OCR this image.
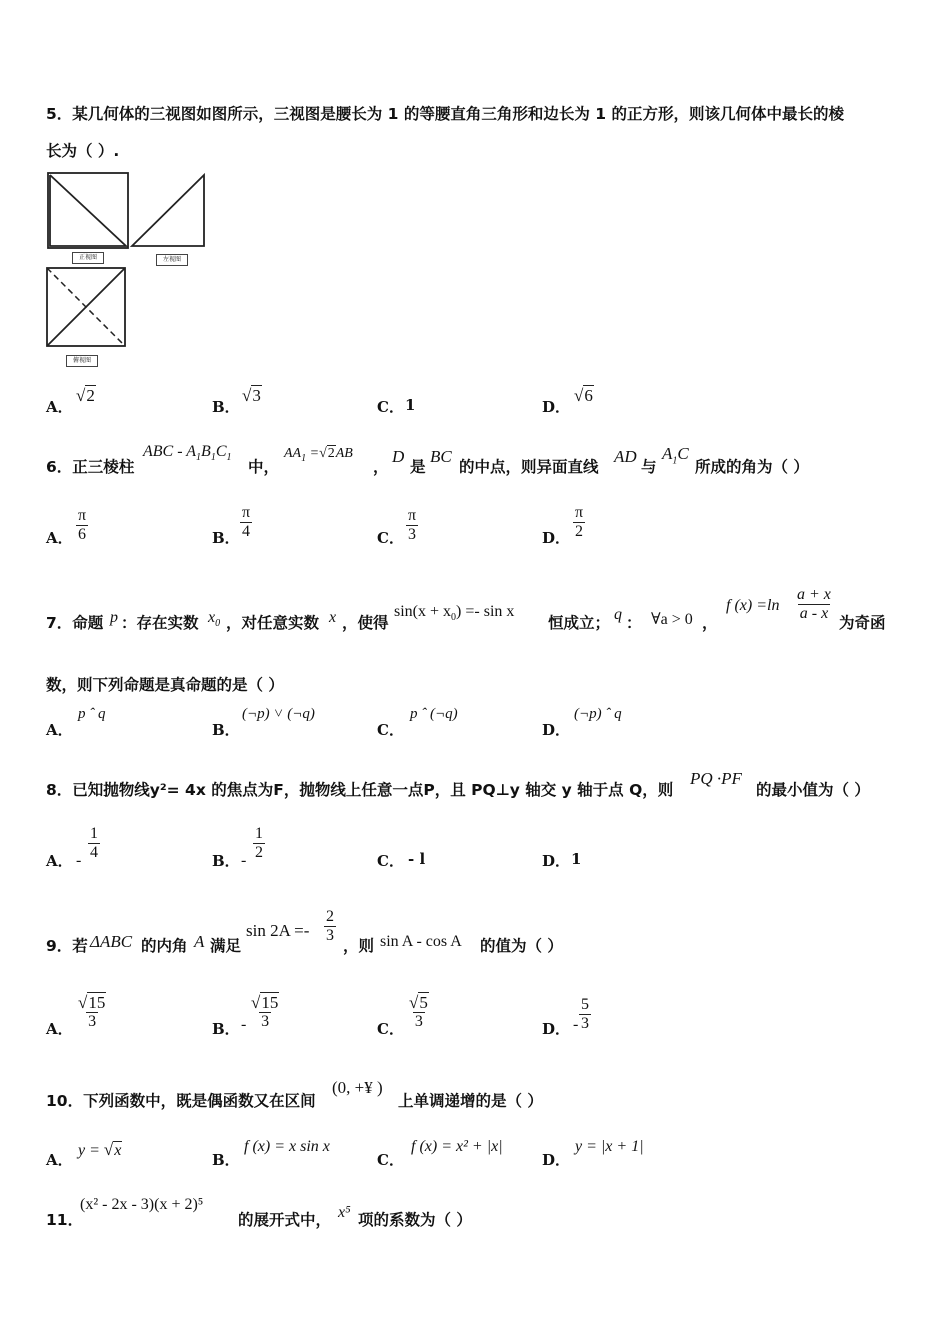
5．某几何体的三视图如图所示，三视图是腰长为 1 的等腰直角三角形和边长为 1 的正方形，则该几何体中最长的棱
长为（ ）.
正视图	左视图
俯视图
A．
√2
B．
√3
C． 1	D．
√6
6．正三棱柱
ABC - $A_1B_1C_1$
中，
$AA_1 =√2AB$
，
D
是
BC
的中点，则异面直线
AD
与
$A_1C$
所成的角为（ ）
A． $\frac{\pi}{6}$	B． $\frac{\pi}{4}$	C． $\frac{\pi}{3}$	D． $\frac{\pi}{2}$
7．命题 p ：存在实数 $x_0$ ，对任意实数 x ，使得
$\sin(x + x_0) =- \sin x$
恒成立； q ： ∀a > 0 ，
f $(x) =\ln \frac{a + x}{a - x}$ 为奇函
数，则下列命题是真命题的是（ ）
A．
p ˆ q
B．
(¬p) ˅ (¬q)
C．
p ˆ (¬q)
D．
(¬p) ˆ q
8．已知抛物线y²= 4x 的焦点为F，抛物线上任意一点P，且 PQ⊥y 轴交 y 轴于点 Q，则
PQ ·PF
的最小值为（ ）
A． - $\frac{1}{4}$	B． - $\frac{1}{2}$	C． - l	D． 1
9．若 ΔABC 的内角 A 满足
$\sin 2A =- \frac{2}{3}$
，则 sin A - cos A 的值为（ ）
A． $\frac{√15}{3}$	B． - $\frac{√15}{3}$	C． $\frac{√5}{3}$	D． - $\frac{5}{3}$
10．下列函数中，既是偶函数又在区间
(0, +¥ )
上单调递增的是（ ）
A．
y = √x
B．
f (x) = x sin x
C．
f (x) = x² + |x|
D．
y = |x + 1|
11．
(x² - 2x - 3)(x + 2)⁵
的展开式中， x⁵ 项的系数为（ ）
